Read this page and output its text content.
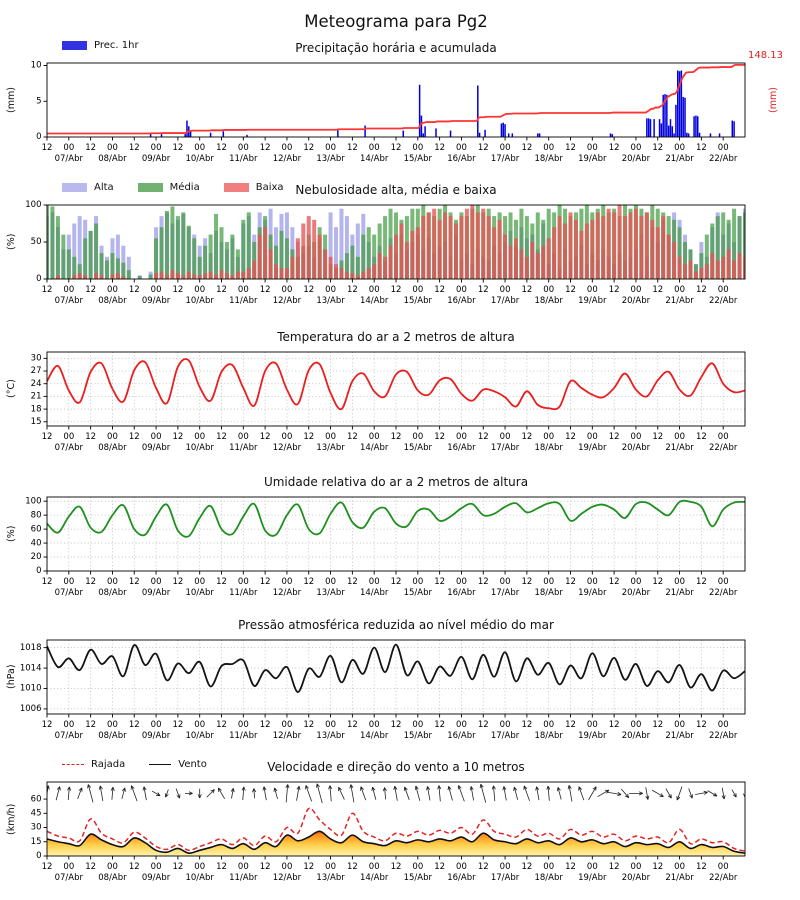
Meteograma para Pg2
Precipitação horária e acumulada
Prec. 1hr
Nebulosidade alta, média e baixa
Alta	Média	Baixa
Temperatura do ar a 2 metros de altura
Umidade relativa do ar a 2 metros de altura
Pressão atmosférica reduzida ao nível médio do mar
Velocidade e direção do vento a 10 metros
Rajada	Vento
